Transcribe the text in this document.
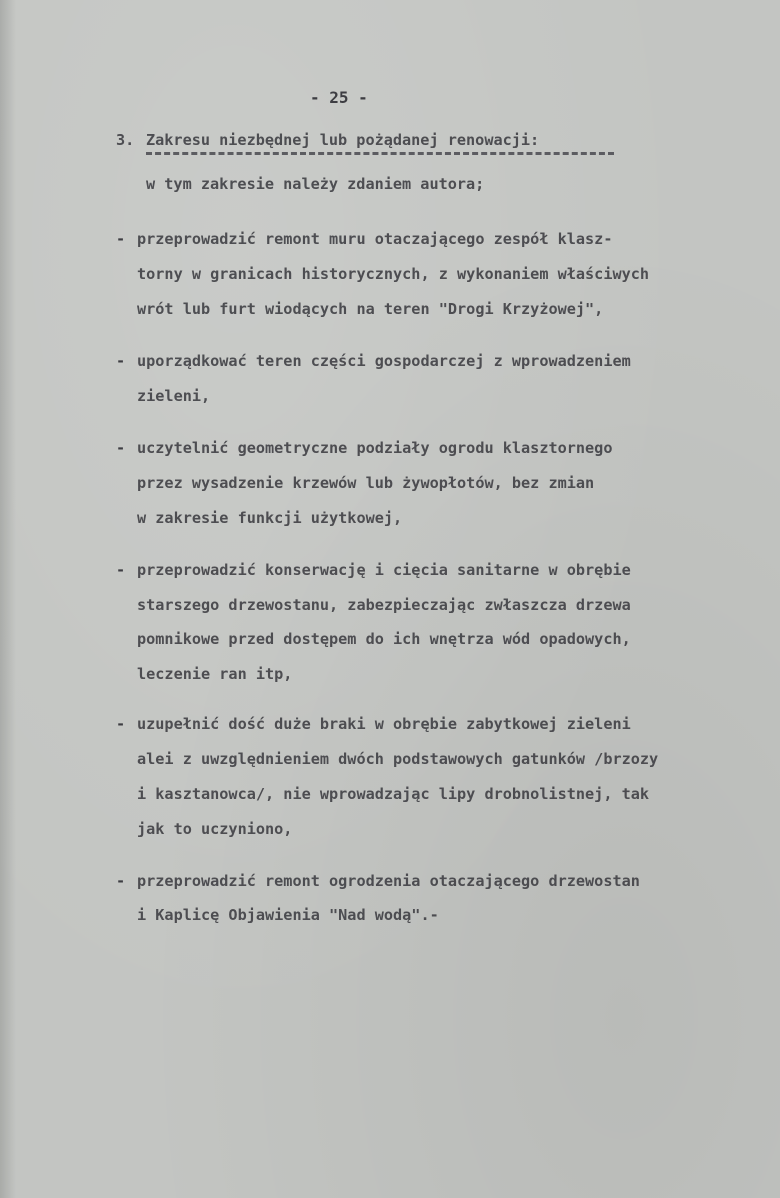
- 25 -
3. Zakresu niezbędnej lub pożądanej renowacji:
w tym zakresie należy zdaniem autora;
- przeprowadzić remont muru otaczającego zespół klasz-
torny w granicach historycznych, z wykonaniem właściwych
wrót lub furt wiodących na teren "Drogi Krzyżowej",
- uporządkować teren części gospodarczej z wprowadzeniem
zieleni,
- uczytelnić geometryczne podziały ogrodu klasztornego
przez wysadzenie krzewów lub żywopłotów, bez zmian
w zakresie funkcji użytkowej,
- przeprowadzić konserwację i cięcia sanitarne w obrębie
starszego drzewostanu, zabezpieczając zwłaszcza drzewa
pomnikowe przed dostępem do ich wnętrza wód opadowych,
leczenie ran itp,
- uzupełnić dość duże braki w obrębie zabytkowej zieleni
alei z uwzględnieniem dwóch podstawowych gatunków /brzozy
i kasztanowca/, nie wprowadzając lipy drobnolistnej, tak
jak to uczyniono,
- przeprowadzić remont ogrodzenia otaczającego drzewostan
i Kaplicę Objawienia "Nad wodą".-
